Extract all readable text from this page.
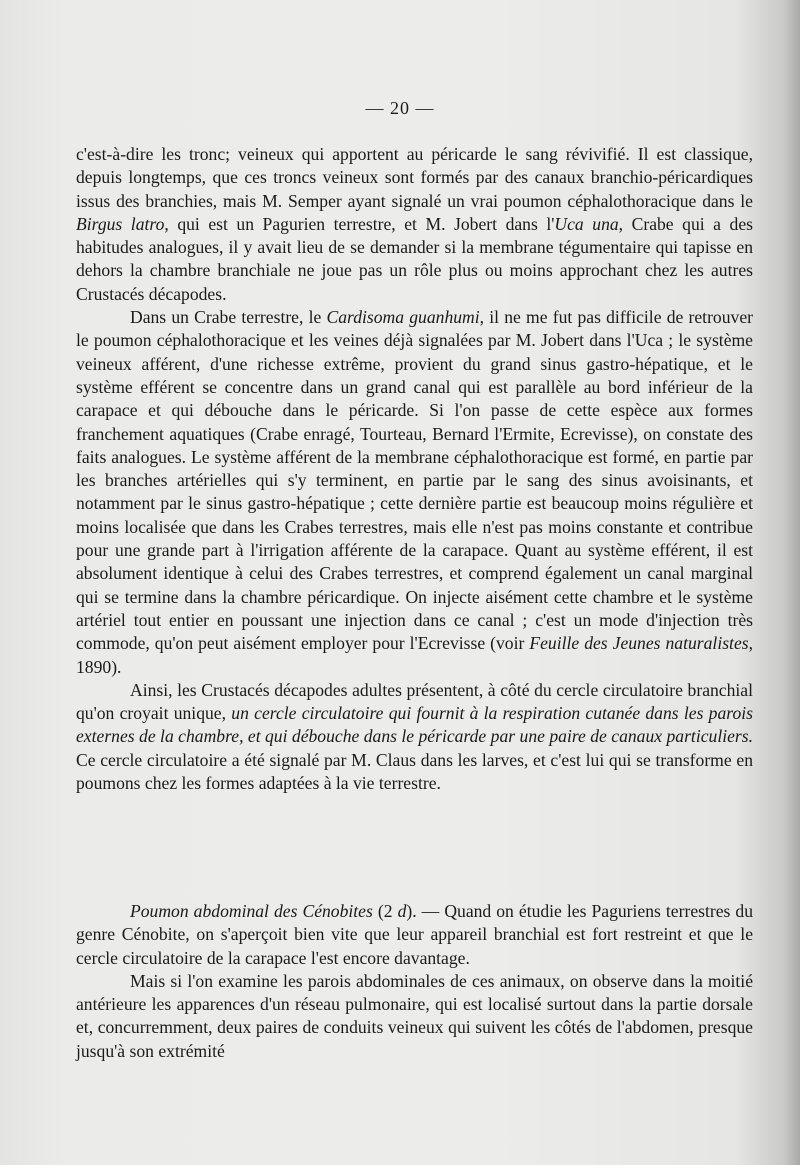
— 20 —

c'est-à-dire les tronc; veineux qui apportent au péricarde le sang révivifié. Il est classique, depuis longtemps, que ces troncs veineux sont formés par des canaux branchio-péricardiques issus des branchies, mais M. Semper ayant signalé un vrai poumon céphalothoracique dans le Birgus latro, qui est un Pagurien terrestre, et M. Jobert dans l'Uca una, Crabe qui a des habitudes analogues, il y avait lieu de se demander si la membrane tégumentaire qui tapisse en dehors la chambre branchiale ne joue pas un rôle plus ou moins approchant chez les autres Crustacés décapodes.

Dans un Crabe terrestre, le Cardisoma guanhumi, il ne me fut pas difficile de retrouver le poumon céphalothoracique et les veines déjà signalées par M. Jobert dans l'Uca ; le système veineux afférent, d'une richesse extrême, provient du grand sinus gastro-hépatique, et le système efférent se concentre dans un grand canal qui est parallèle au bord inférieur de la carapace et qui débouche dans le péricarde. Si l'on passe de cette espèce aux formes franchement aquatiques (Crabe enragé, Tourteau, Bernard l'Ermite, Ecrevisse), on constate des faits analogues. Le système afférent de la membrane céphalothoracique est formé, en partie par les branches artérielles qui s'y terminent, en partie par le sang des sinus avoisinants, et notamment par le sinus gastro-hépatique ; cette dernière partie est beaucoup moins régulière et moins localisée que dans les Crabes terrestres, mais elle n'est pas moins constante et contribue pour une grande part à l'irrigation afférente de la carapace. Quant au système efférent, il est absolument identique à celui des Crabes terrestres, et comprend également un canal marginal qui se termine dans la chambre péricardique. On injecte aisément cette chambre et le système artériel tout entier en poussant une injection dans ce canal ; c'est un mode d'injection très commode, qu'on peut aisément employer pour l'Ecrevisse (voir Feuille des Jeunes naturalistes, 1890).

Ainsi, les Crustacés décapodes adultes présentent, à côté du cercle circulatoire branchial qu'on croyait unique, un cercle circulatoire qui fournit à la respiration cutanée dans les parois externes de la chambre, et qui débouche dans le péricarde par une paire de canaux particuliers. Ce cercle circulatoire a été signalé par M. Claus dans les larves, et c'est lui qui se transforme en poumons chez les formes adaptées à la vie terrestre.

Poumon abdominal des Cénobites (2 d). — Quand on étudie les Paguriens terrestres du genre Cénobite, on s'aperçoit bien vite que leur appareil branchial est fort restreint et que le cercle circulatoire de la carapace l'est encore davantage.

Mais si l'on examine les parois abdominales de ces animaux, on observe dans la moitié antérieure les apparences d'un réseau pulmonaire, qui est localisé surtout dans la partie dorsale et, concurremment, deux paires de conduits veineux qui suivent les côtés de l'abdomen, presque jusqu'à son extrémité
